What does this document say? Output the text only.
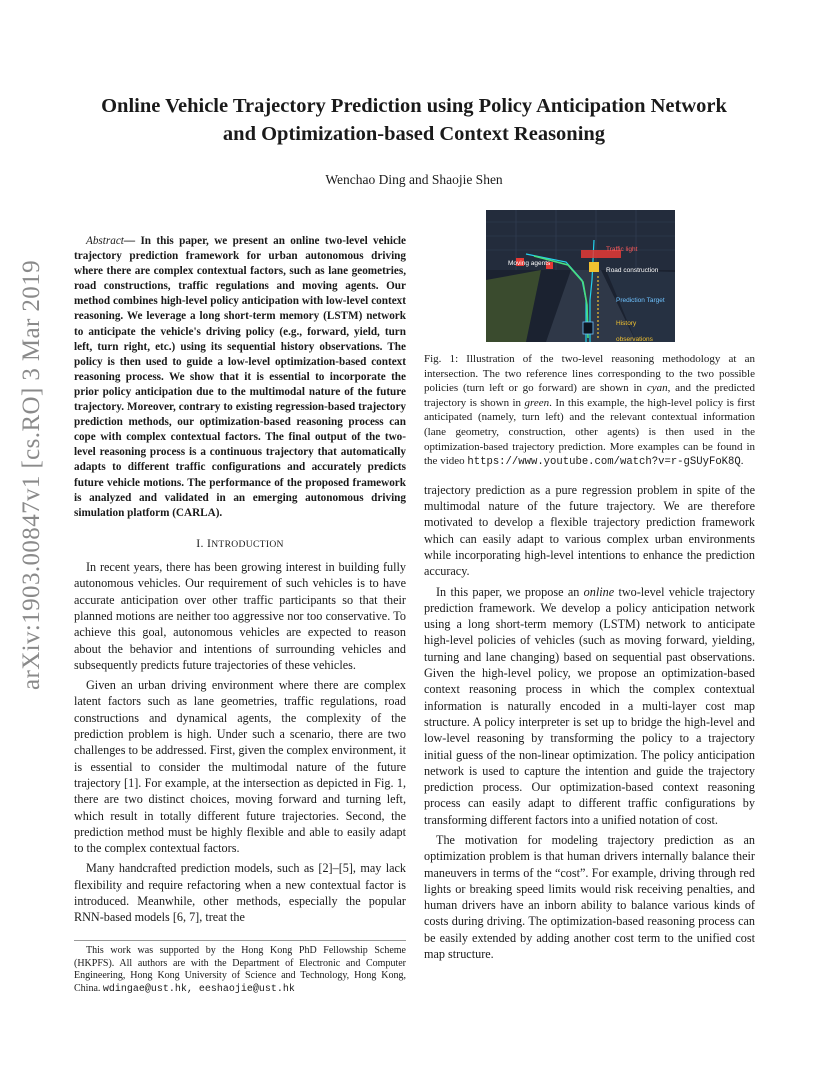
arXiv:1903.00847v1 [cs.RO] 3 Mar 2019
Online Vehicle Trajectory Prediction using Policy Anticipation Network
and Optimization-based Context Reasoning

Wenchao Ding and Shaojie Shen

Abstract— In this paper, we present an online two-level vehicle trajectory prediction framework for urban autonomous driving where there are complex contextual factors, such as lane geometries, road constructions, traffic regulations and moving agents. Our method combines high-level policy anticipation with low-level context reasoning. We leverage a long short-term memory (LSTM) network to anticipate the vehicle's driving policy (e.g., forward, yield, turn left, turn right, etc.) using its sequential history observations. The policy is then used to guide a low-level optimization-based context reasoning process. We show that it is essential to incorporate the prior policy anticipation due to the multimodal nature of the future trajectory. Moreover, contrary to existing regression-based trajectory prediction methods, our optimization-based reasoning process can cope with complex contextual factors. The final output of the two-level reasoning process is a continuous trajectory that automatically adapts to different traffic configurations and accurately predicts future vehicle motions. The performance of the proposed framework is analyzed and validated in an emerging autonomous driving simulation platform (CARLA).

I. INTRODUCTION

In recent years, there has been growing interest in building fully autonomous vehicles. Our requirement of such vehicles is to have accurate anticipation over other traffic participants so that their planned motions are neither too aggressive nor too conservative. To achieve this goal, autonomous vehicles are expected to reason about the behavior and intentions of surrounding vehicles and subsequently predicts future trajectories of these vehicles.

Given an urban driving environment where there are complex latent factors such as lane geometries, traffic regulations, road constructions and dynamical agents, the complexity of the prediction problem is high. Under such a scenario, there are two challenges to be addressed. First, given the complex environment, it is essential to consider the multimodal nature of the future trajectory [1]. For example, at the intersection as depicted in Fig. 1, there are two distinct choices, moving forward and turning left, which result in totally different future trajectories. Second, the prediction method must be highly flexible and able to easily adapt to the complex contextual factors.

Many handcrafted prediction models, such as [2]–[5], may lack flexibility and require refactoring when a new contextual factor is introduced. Meanwhile, other methods, especially the popular RNN-based models [6, 7], treat the

This work was supported by the Hong Kong PhD Fellowship Scheme (HKPFS). All authors are with the Department of Electronic and Computer Engineering, Hong Kong University of Science and Technology, Hong Kong, China. wdingae@ust.hk, eeshaojie@ust.hk
Traffic light
Moving agents
Road construction
Prediction Target
History
observations

Fig. 1: Illustration of the two-level reasoning methodology at an intersection. The two reference lines corresponding to the two possible policies (turn left or go forward) are shown in cyan, and the predicted trajectory is shown in green. In this example, the high-level policy is first anticipated (namely, turn left) and the relevant contextual information (lane geometry, construction, other agents) is then used in the optimization-based trajectory prediction. More examples can be found in the video https://www.youtube.com/watch?v=r-gSUyFoK8Q.

trajectory prediction as a pure regression problem in spite of the multimodal nature of the future trajectory. We are therefore motivated to develop a flexible trajectory prediction framework which can easily adapt to various complex urban environments while incorporating high-level intentions to enhance the prediction accuracy.

In this paper, we propose an online two-level vehicle trajectory prediction framework. We develop a policy anticipation network using a long short-term memory (LSTM) network to anticipate high-level policies of vehicles (such as moving forward, yielding, turning and lane changing) based on sequential past observations. Given the high-level policy, we propose an optimization-based context reasoning process in which the complex contextual information is naturally encoded in a multi-layer cost map structure. A policy interpreter is set up to bridge the high-level and low-level reasoning by transforming the policy to a trajectory initial guess of the non-linear optimization. The policy anticipation network is used to capture the intention and guide the trajectory prediction process. Our optimization-based context reasoning process can easily adapt to different traffic configurations by transforming different factors into a unified notation of cost.

The motivation for modeling trajectory prediction as an optimization problem is that human drivers internally balance their maneuvers in terms of the “cost”. For example, driving through red lights or breaking speed limits would risk receiving penalties, and human drivers have an inborn ability to balance various kinds of costs during driving. The optimization-based reasoning process can be easily extended by adding another cost term to the unified cost map structure.
